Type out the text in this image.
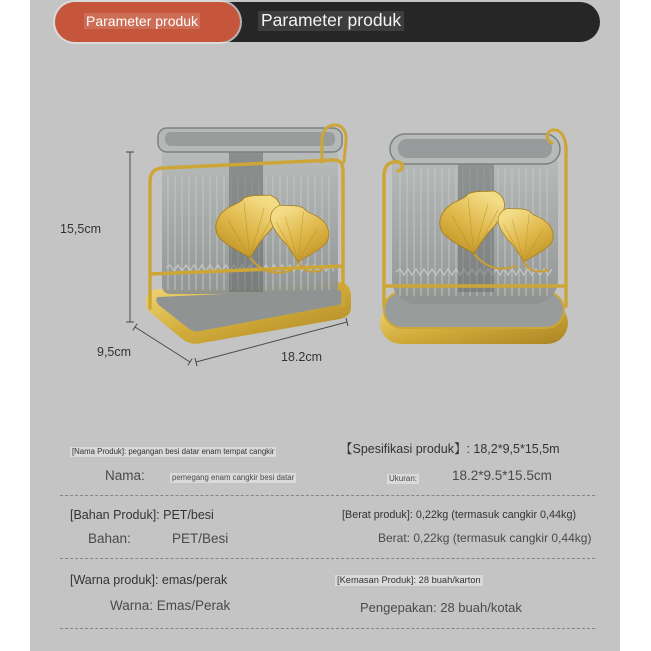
Parameter produk	Parameter produk
15,5cm
9,5cm	18.2cm
[Nama Produk]: pegangan besi datar enam tempat cangkir	【Spesifikasi produk】: 18,2*9,5*15,5m
Nama:	pemegang enam cangkir besi datar	Ukuran:	18.2*9.5*15.5cm
[Bahan Produk]: PET/besi	[Berat produk]: 0,22kg (termasuk cangkir 0,44kg)
Bahan:	PET/Besi	Berat: 0,22kg (termasuk cangkir 0,44kg)
[Warna produk]: emas/perak	[Kemasan Produk]: 28 buah/karton
Warna: Emas/Perak	Pengepakan: 28 buah/kotak
